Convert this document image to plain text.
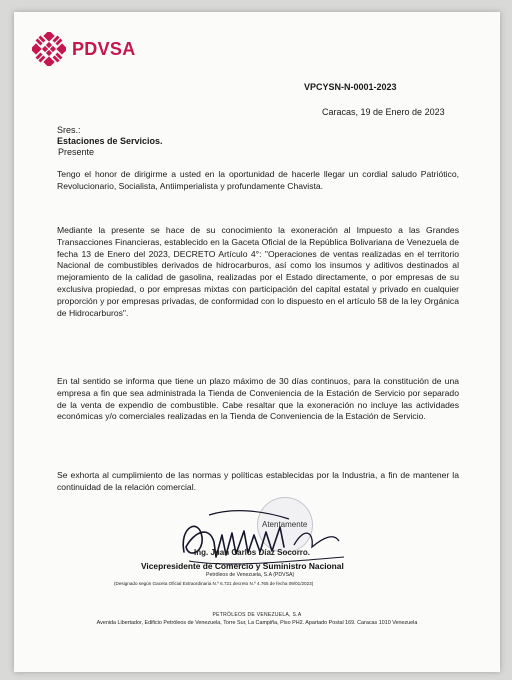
PDVSA
VPCYSN-N-0001-2023
Caracas, 19 de Enero de 2023
Sres.:
Estaciones de Servicios.
Presente
Tengo el honor de dirigirme a usted en la oportunidad de hacerle llegar un cordial saludo Patriótico, Revolucionario, Socialista, Antiimperialista y profundamente Chavista.
Mediante la presente se hace de su conocimiento la exoneración al Impuesto a las Grandes Transacciones Financieras, establecido en la Gaceta Oficial de la República Bolivariana de Venezuela de fecha 13 de Enero del 2023, DECRETO Artículo 4°: "Operaciones de ventas realizadas en el territorio Nacional de combustibles derivados de hidrocarburos, así como los insumos y aditivos destinados al mejoramiento de la calidad de gasolina, realizadas por el Estado directamente, o por empresas de su exclusiva propiedad, o por empresas mixtas con participación del capital estatal y privado en cualquier proporción y por empresas privadas, de conformidad con lo dispuesto en el artículo 58 de la ley Orgánica de Hidrocarburos".
En tal sentido se informa que tiene un plazo máximo de 30 días continuos, para la constitución de una empresa a fin que sea administrada la Tienda de Conveniencia de la Estación de Servicio por separado de la venta de expendio de combustible. Cabe resaltar que la exoneración no incluye las actividades económicas y/o comerciales realizadas en la Tienda de Conveniencia de la Estación de Servicio.
Se exhorta al cumplimiento de las normas y políticas establecidas por la Industria, a fin de mantener la continuidad de la relación comercial.
Atentamente
Ing. Juan Carlos Díaz Socorro.
Vicepresidente de Comercio y Suministro Nacional
Petróleos de Venezuela, S.A (PDVSA)
(Designado según Gaceta Oficial Extraordinaria N.º 6.721 decreto N.º 4.765 de fecha 09/01/2023)
PETRÓLEOS DE VENEZUELA, S.A
Avenida Libertador, Edificio Petróleos de Venezuela, Torre Sur, La Campiña, Piso PH2. Apartado Postal 169. Caracas 1010 Venezuela
